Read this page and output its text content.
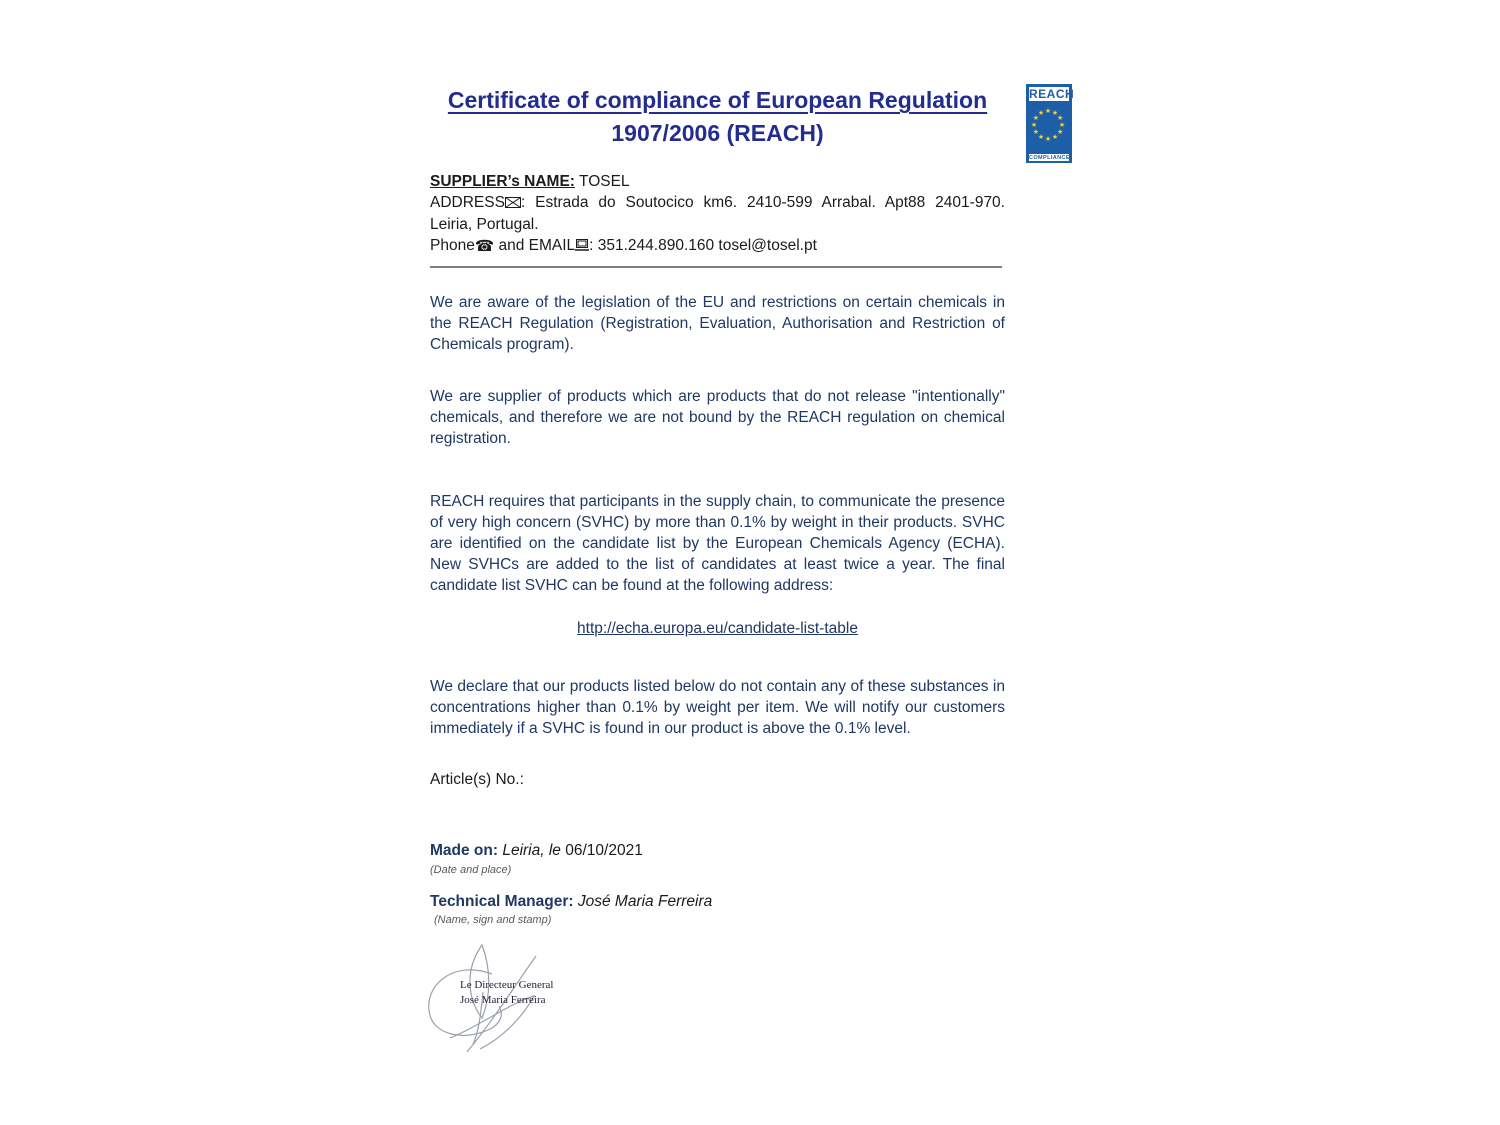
Certificate of compliance of European Regulation
1907/2006 (REACH)
REACH
★ ★
★
★
★
★
★
★
★
★
★
★
COMPLIANCE
SUPPLIER’s NAME: TOSEL
ADDRESS : Estrada do Soutocico km6. 2410-599 Arrabal. Apt88 2401-970. Leiria, Portugal.
Phone☎ and EMAIL : 351.244.890.160 tosel@tosel.pt
We are aware of the legislation of the EU and restrictions on certain chemicals in the REACH Regulation (Registration, Evaluation, Authorisation and Restriction of Chemicals program).
We are supplier of products which are products that do not release "intentionally" chemicals, and therefore we are not bound by the REACH regulation on chemical registration.
REACH requires that participants in the supply chain, to communicate the presence of very high concern (SVHC) by more than 0.1% by weight in their products. SVHC are identified on the candidate list by the European Chemicals Agency (ECHA). New SVHCs are added to the list of candidates at least twice a year. The final candidate list SVHC can be found at the following address:
http://echa.europa.eu/candidate-list-table
We declare that our products listed below do not contain any of these substances in concentrations higher than 0.1% by weight per item. We will notify our customers immediately if a SVHC is found in our product is above the 0.1% level.
Article(s) No.:
Made on: Leiria, le 06/10/2021
(Date and place)
Technical Manager: José Maria Ferreira
(Name, sign and stamp)
Le Directeur General
José Maria Ferreira
